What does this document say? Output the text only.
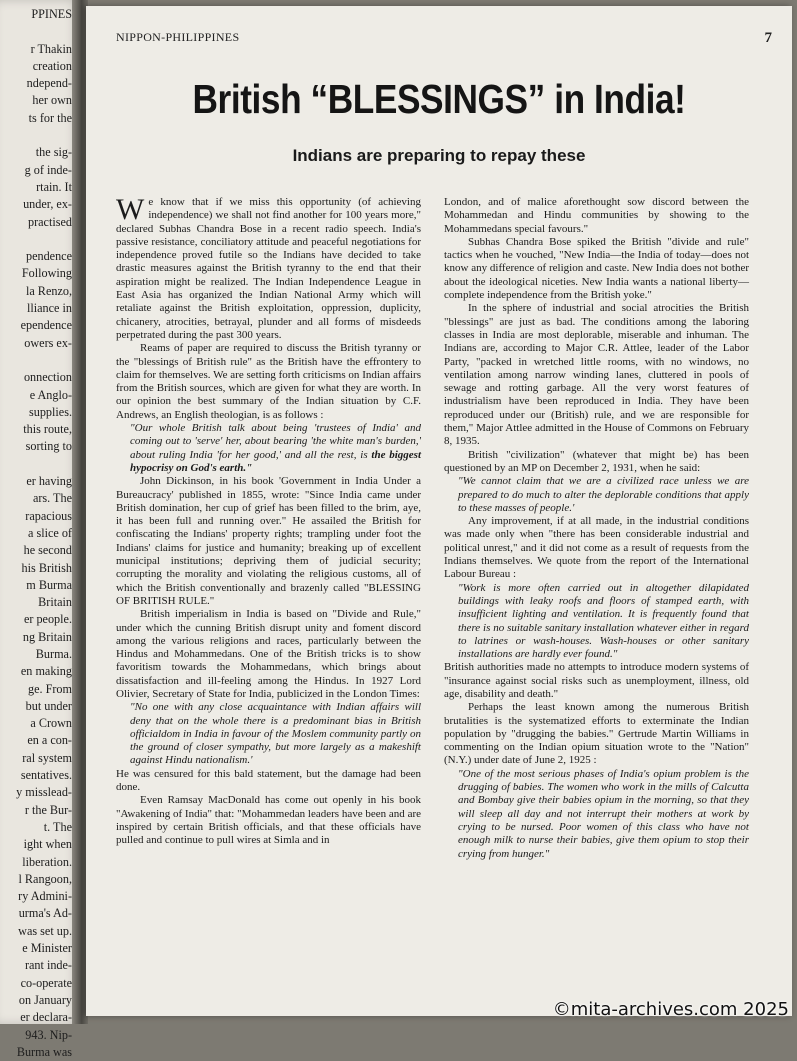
PPINES
r Thakin
creation
ndepend-
her own
ts for the
the sig-
g of inde-
rtain. It
under, ex-
practised
pendence
Following
la Renzo,
lliance in
ependence
owers ex-
onnection
e Anglo-
supplies.
this route,
sorting to
er having
ars. The
rapacious
a slice of
he second
his British
m Burma
Britain
er people.
ng Britain
Burma.
en making
ge. From
but under
a Crown
en a con-
ral system
sentatives.
y misslead-
r the Bur-
t. The
ight when
liberation.
l Rangoon,
ry Admini-
urma's Ad-
was set up.
e Minister
rant inde-
co-operate
on January
er declara-
943. Nip-
Burma was
NIPPON-PHILIPPINES	7
British “BLESSINGS” in India!
Indians are preparing to repay these

We know that if we miss this opportunity (of achieving independence) we shall not find another for 100 years more," declared Subhas Chandra Bose in a recent radio speech. India's passive resistance, conciliatory attitude and peaceful negotiations for independence proved futile so the Indians have decided to take drastic measures against the British tyranny to the end that their aspiration might be realized. The Indian Independence League in East Asia has organized the Indian National Army which will retaliate against the British exploitation, oppression, duplicity, chicanery, atrocities, betrayal, plunder and all forms of misdeeds perpetrated during the past 300 years.

Reams of paper are required to discuss the British tyranny or the "blessings of British rule" as the British have the effrontery to claim for themselves. We are setting forth criticisms on Indian affairs from the British sources, which are given for what they are worth. In our opinion the best summary of the Indian situation by C.F. Andrews, an English theologian, is as follows :

"Our whole British talk about being 'trustees of India' and coming out to 'serve' her, about bearing 'the white man's burden,' about ruling India 'for her good,' and all the rest, is the biggest hypocrisy on God's earth."

John Dickinson, in his book 'Government in India Under a Bureaucracy' published in 1855, wrote: "Since India came under British domination, her cup of grief has been filled to the brim, aye, it has been full and running over." He assailed the British for confiscating the Indians' property rights; trampling under foot the Indians' claims for justice and humanity; breaking up of excellent municipal institutions; depriving them of judicial security; corrupting the morality and violating the religious customs, all of which the British conventionally and brazenly called "BLESSING OF BRITISH RULE."

British imperialism in India is based on "Divide and Rule," under which the cunning British disrupt unity and foment discord among the various religions and races, particularly between the Hindus and Mohammedans. One of the British tricks is to show favoritism towards the Mohammedans, which brings about dissatisfaction and ill-feeling among the Hindus. In 1927 Lord Olivier, Secretary of State for India, publicized in the London Times:

"No one with any close acquaintance with Indian affairs will deny that on the whole there is a predominant bias in British officialdom in India in favour of the Moslem community partly on the ground of closer sympathy, but more largely as a makeshift against Hindu nationalism.'

He was censured for this bald statement, but the damage had been done.

Even Ramsay MacDonald has come out openly in his book "Awakening of India" that: "Mohammedan leaders have been and are inspired by certain British officials, and that these officials have pulled and continue to pull wires at Simla and in

London, and of malice aforethought sow discord between the Mohammedan and Hindu communities by showing to the Mohammedans special favours."

Subhas Chandra Bose spiked the British "divide and rule" tactics when he vouched, "New India—the India of today—does not know any difference of religion and caste. New India does not bother about the ideological niceties. New India wants a national liberty—complete independence from the British yoke."

In the sphere of industrial and social atrocities the British "blessings" are just as bad. The conditions among the laboring classes in India are most deplorable, miserable and inhuman. The Indians are, according to Major C.R. Attlee, leader of the Labor Party, "packed in wretched little rooms, with no windows, no ventilation among narrow winding lanes, cluttered in pools of sewage and rotting garbage. All the very worst features of industrialism have been reproduced in India. They have been reproduced under our (British) rule, and we are responsible for them," Major Attlee admitted in the House of Commons on February 8, 1935.

British "civilization" (whatever that might be) has been questioned by an MP on December 2, 1931, when he said:

"We cannot claim that we are a civilized race unless we are prepared to do much to alter the deplorable conditions that apply to these masses of people.'

Any improvement, if at all made, in the industrial conditions was made only when "there has been considerable industrial and political unrest," and it did not come as a result of requests from the Indians themselves. We quote from the report of the International Labour Bureau :

"Work is more often carried out in altogether dilapidated buildings with leaky roofs and floors of stamped earth, with insufficient lighting and ventilation. It is frequently found that there is no suitable sanitary installation whatever either in regard to latrines or wash-houses. Wash-houses or other sanitary installations are hardly ever found."

British authorities made no attempts to introduce modern systems of "insurance against social risks such as unemployment, illness, old age, disability and death."

Perhaps the least known among the numerous British brutalities is the systematized efforts to exterminate the Indian population by "drugging the babies." Gertrude Martin Williams in commenting on the Indian opium situation wrote to the "Nation" (N.Y.) under date of June 2, 1925 :

"One of the most serious phases of India's opium problem is the drugging of babies. The women who work in the mills of Calcutta and Bombay give their babies opium in the morning, so that they will sleep all day and not interrupt their mothers at work by crying to be nursed. Poor women of this class who have not enough milk to nurse their babies, give them opium to stop their crying from hunger."

©mita-archives.com 2025
